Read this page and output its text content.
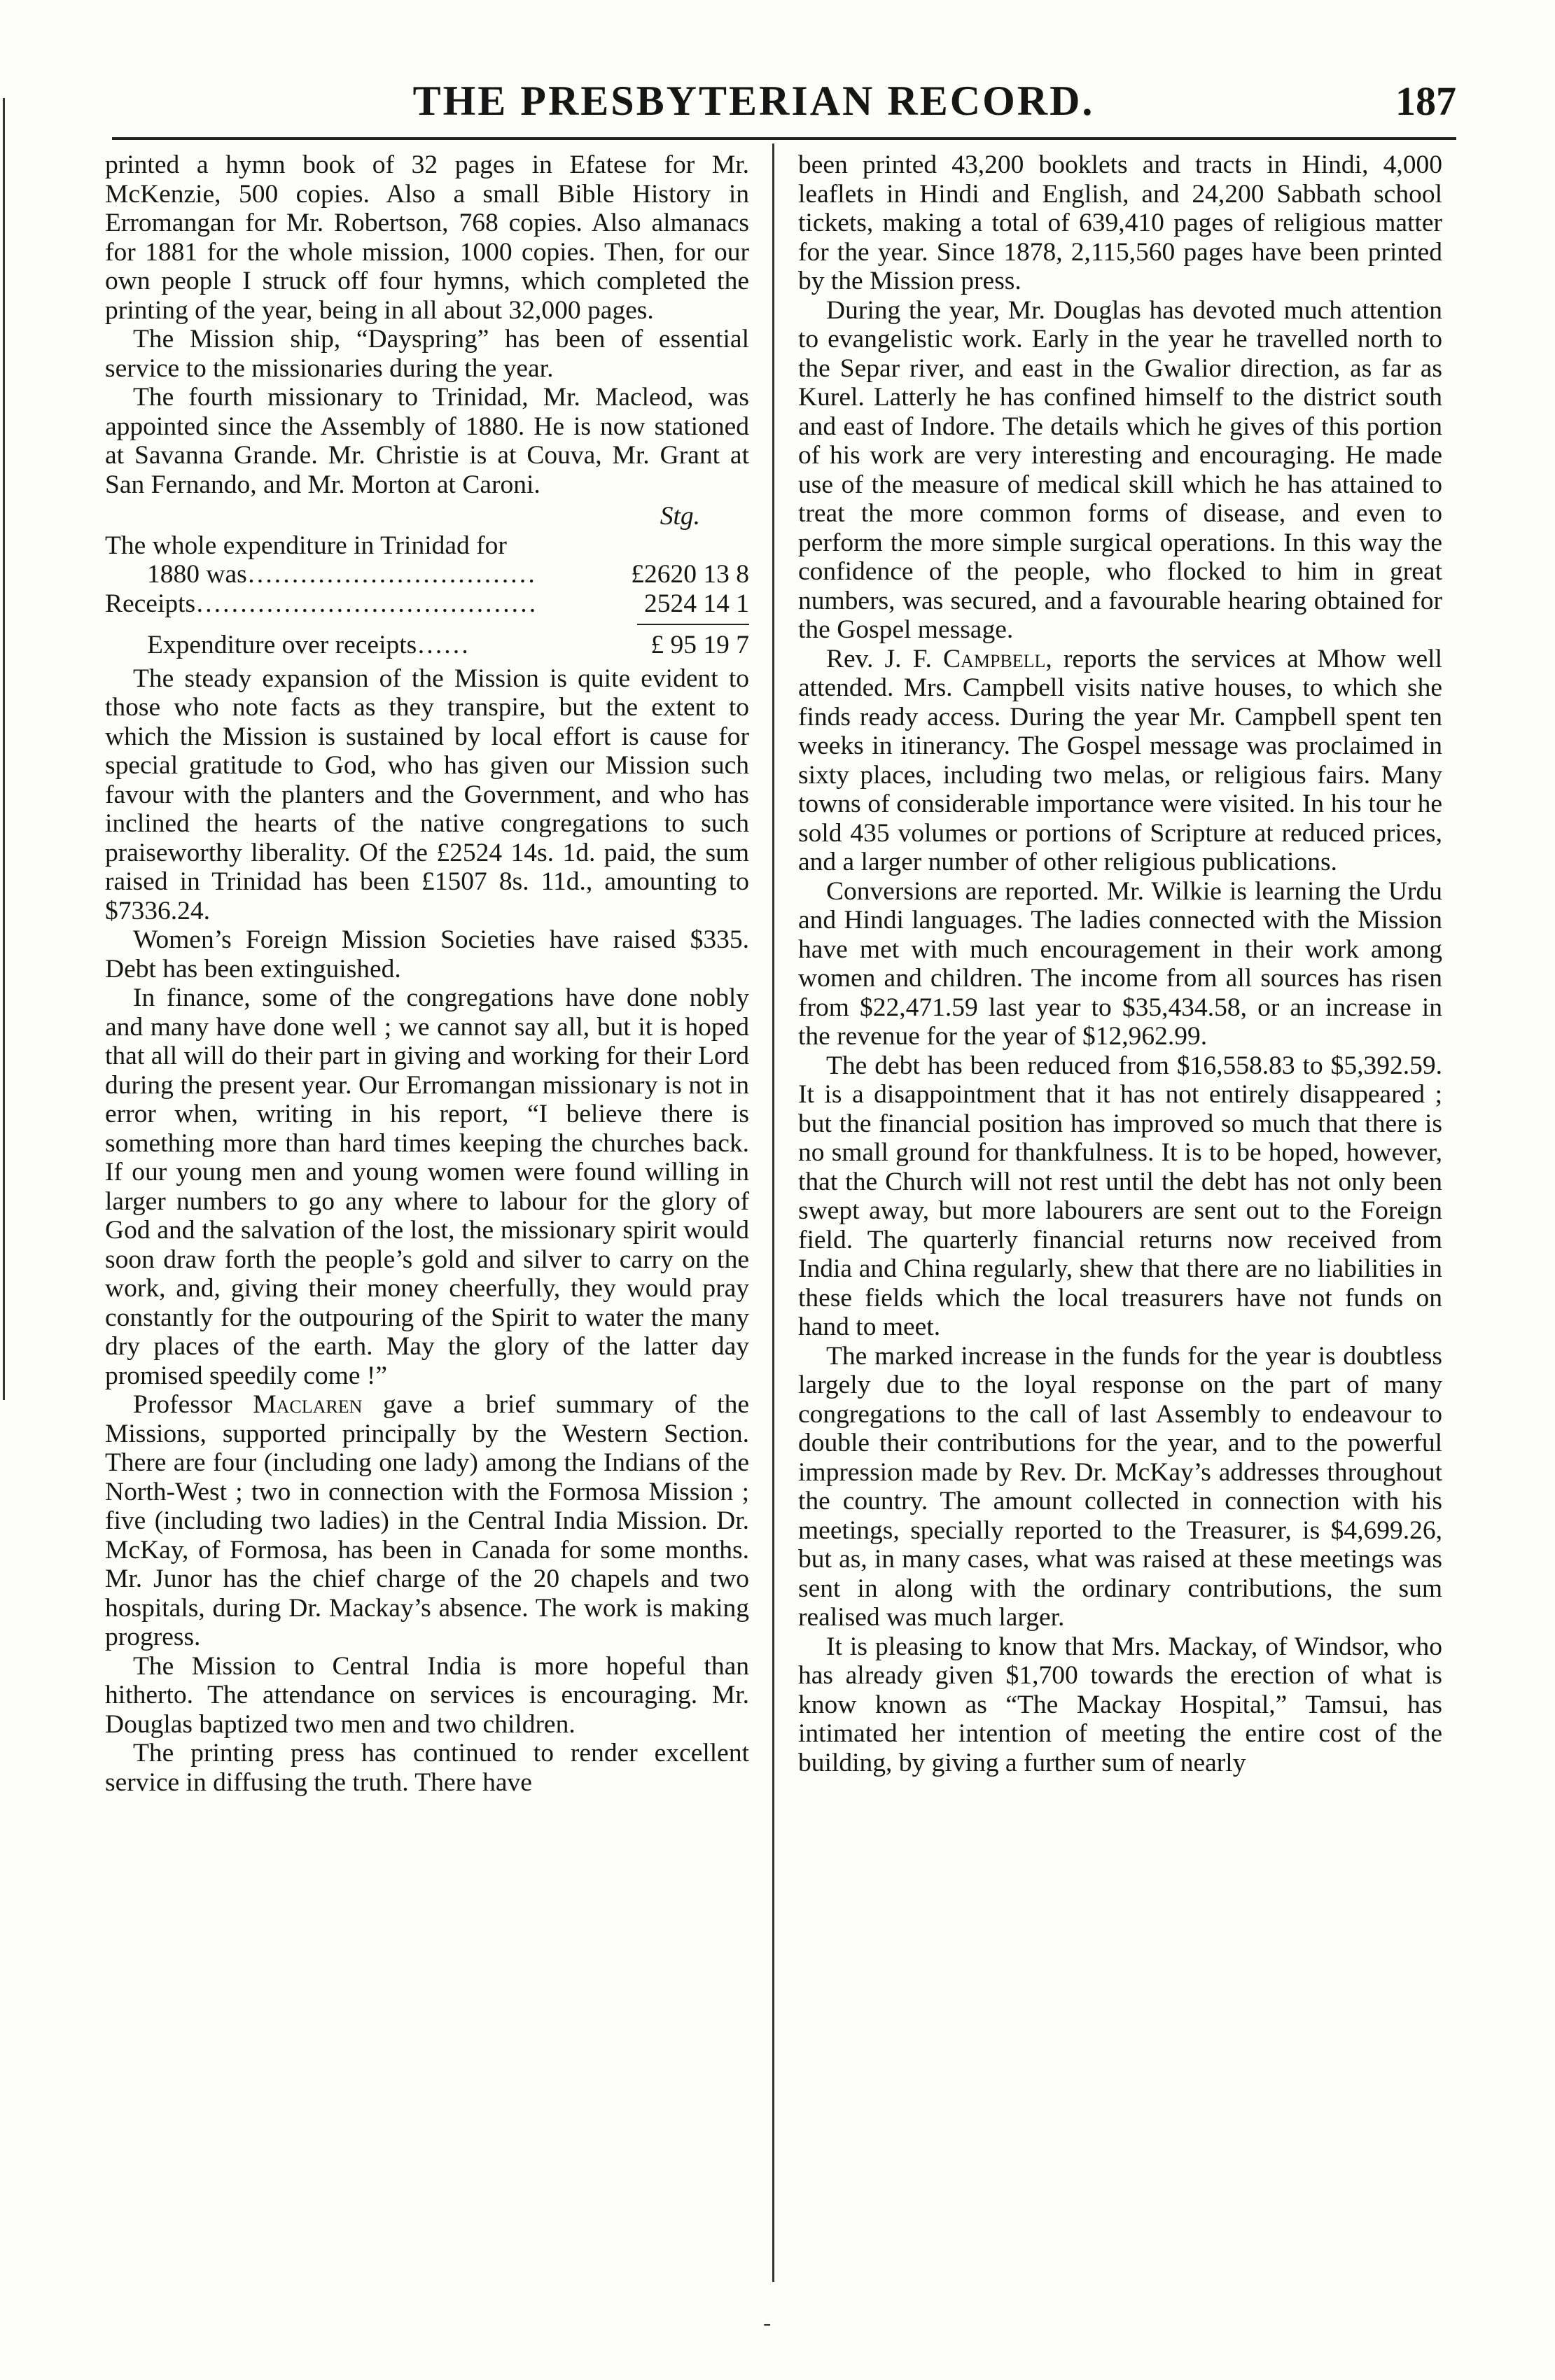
THE PRESBYTERIAN RECORD.	187

printed a hymn book of 32 pages in Efatese for Mr. McKenzie, 500 copies. Also a small Bible History in Erromangan for Mr. Robertson, 768 copies. Also almanacs for 1881 for the whole mission, 1000 copies. Then, for our own people I struck off four hymns, which completed the printing of the year, being in all about 32,000 pages.

The Mission ship, “Dayspring” has been of essential service to the missionaries during the year.

The fourth missionary to Trinidad, Mr. Macleod, was appointed since the Assembly of 1880. He is now stationed at Savanna Grande. Mr. Christie is at Couva, Mr. Grant at San Fernando, and Mr. Morton at Caroni.

Stg.
The whole expenditure in Trinidad for
1880 was……………………………	£2620 13 8
Receipts…………………………………	2524 14 1
Expenditure over receipts……	£ 95 19 7

The steady expansion of the Mission is quite evident to those who note facts as they transpire, but the extent to which the Mission is sustained by local effort is cause for special gratitude to God, who has given our Mission such favour with the planters and the Government, and who has inclined the hearts of the native congregations to such praiseworthy liberality. Of the £2524 14s. 1d. paid, the sum raised in Trinidad has been £1507 8s. 11d., amounting to $7336.24.

Women’s Foreign Mission Societies have raised $335. Debt has been extinguished.

In finance, some of the congregations have done nobly and many have done well ; we cannot say all, but it is hoped that all will do their part in giving and working for their Lord during the present year. Our Erromangan missionary is not in error when, writing in his report, “I believe there is something more than hard times keeping the churches back. If our young men and young women were found willing in larger numbers to go any where to labour for the glory of God and the salvation of the lost, the missionary spirit would soon draw forth the people’s gold and silver to carry on the work, and, giving their money cheerfully, they would pray constantly for the outpouring of the Spirit to water the many dry places of the earth. May the glory of the latter day promised speedily come !”

Professor Maclaren gave a brief summary of the Missions, supported principally by the Western Section. There are four (including one lady) among the Indians of the North-West ; two in connection with the Formosa Mission ; five (including two ladies) in the Central India Mission. Dr. McKay, of Formosa, has been in Canada for some months. Mr. Junor has the chief charge of the 20 chapels and two hospitals, during Dr. Mackay’s absence. The work is making progress.

The Mission to Central India is more hopeful than hitherto. The attendance on services is encouraging. Mr. Douglas baptized two men and two children.

The printing press has continued to render excellent service in diffusing the truth. There have

been printed 43,200 booklets and tracts in Hindi, 4,000 leaflets in Hindi and English, and 24,200 Sabbath school tickets, making a total of 639,410 pages of religious matter for the year. Since 1878, 2,115,560 pages have been printed by the Mission press.

During the year, Mr. Douglas has devoted much attention to evangelistic work. Early in the year he travelled north to the Separ river, and east in the Gwalior direction, as far as Kurel. Latterly he has confined himself to the district south and east of Indore. The details which he gives of this portion of his work are very interesting and encouraging. He made use of the measure of medical skill which he has attained to treat the more common forms of disease, and even to perform the more simple surgical operations. In this way the confidence of the people, who flocked to him in great numbers, was secured, and a favourable hearing obtained for the Gospel message.

Rev. J. F. Campbell, reports the services at Mhow well attended. Mrs. Campbell visits native houses, to which she finds ready access. During the year Mr. Campbell spent ten weeks in itinerancy. The Gospel message was proclaimed in sixty places, including two melas, or religious fairs. Many towns of considerable importance were visited. In his tour he sold 435 volumes or portions of Scripture at reduced prices, and a larger number of other religious publications.

Conversions are reported. Mr. Wilkie is learning the Urdu and Hindi languages. The ladies connected with the Mission have met with much encouragement in their work among women and children. The income from all sources has risen from $22,471.59 last year to $35,434.58, or an increase in the revenue for the year of $12,962.99.

The debt has been reduced from $16,558.83 to $5,392.59. It is a disappointment that it has not entirely disappeared ; but the financial position has improved so much that there is no small ground for thankfulness. It is to be hoped, however, that the Church will not rest until the debt has not only been swept away, but more labourers are sent out to the Foreign field. The quarterly financial returns now received from India and China regularly, shew that there are no liabilities in these fields which the local treasurers have not funds on hand to meet.

The marked increase in the funds for the year is doubtless largely due to the loyal response on the part of many congregations to the call of last Assembly to endeavour to double their contributions for the year, and to the powerful impression made by Rev. Dr. McKay’s addresses throughout the country. The amount collected in connection with his meetings, specially reported to the Treasurer, is $4,699.26, but as, in many cases, what was raised at these meetings was sent in along with the ordinary contributions, the sum realised was much larger.

It is pleasing to know that Mrs. Mackay, of Windsor, who has already given $1,700 towards the erection of what is know known as “The Mackay Hospital,” Tamsui, has intimated her intention of meeting the entire cost of the building, by giving a further sum of nearly

-
